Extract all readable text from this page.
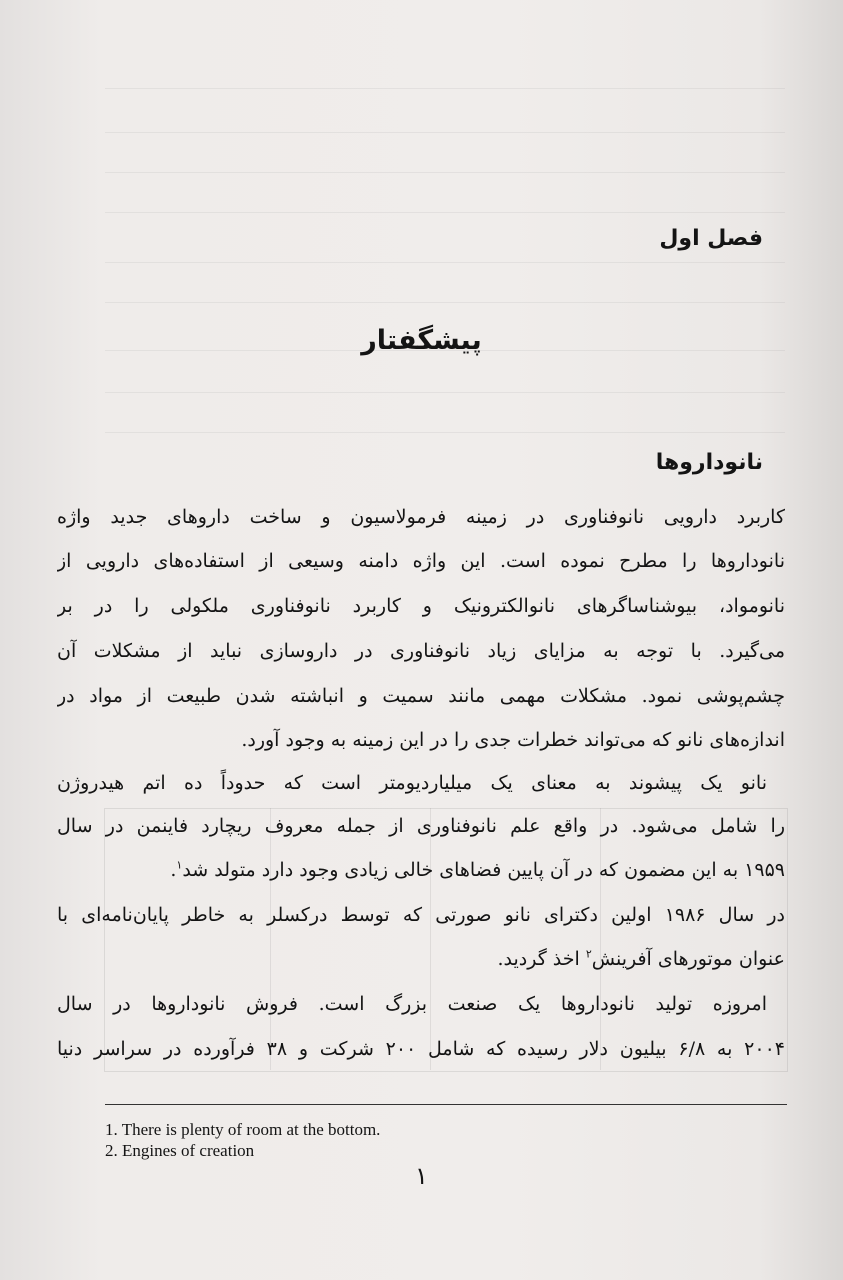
فصل اول
پیشگفتار
نانوداروها
کاربرد دارویی نانوفناوری در زمینه فرمولاسیون و ساخت داروهای جدید واژه
نانوداروها را مطرح نموده است. این واژه دامنه وسیعی از استفاده‌های دارویی از
نانومواد، بیوشناساگرهای نانوالکترونیک و کاربرد نانوفناوری ملکولی را در بر
می‌گیرد. با توجه به مزایای زیاد نانوفناوری در داروسازی نباید از مشکلات آن
چشم‌پوشی نمود. مشکلات مهمی مانند سمیت و انباشته شدن طبیعت از مواد در
اندازه‌های نانو که می‌تواند خطرات جدی را در این زمینه به وجود آورد.
نانو یک پیشوند به معنای یک میلیاردیومتر است که حدوداً ده اتم هیدروژن
را شامل می‌شود. در واقع علم نانوفناوری از جمله معروف ریچارد فاینمن در سال
۱۹۵۹ به این مضمون که در آن پایین فضاهای خالی زیادی وجود دارد متولد شد$^۱$.
در سال ۱۹۸۶ اولین دکترای نانو صورتی که توسط درکسلر به خاطر پایان‌نامه‌ای با
عنوان موتورهای آفرینش$^۲$ اخذ گردید.
امروزه تولید نانوداروها یک صنعت بزرگ است. فروش نانوداروها در سال
۲۰۰۴ به ۶/۸ بیلیون دلار رسیده که شامل ۲۰۰ شرکت و ۳۸ فرآورده در سراسر دنیا
1. There is plenty of room at the bottom.
2. Engines of creation
۱
